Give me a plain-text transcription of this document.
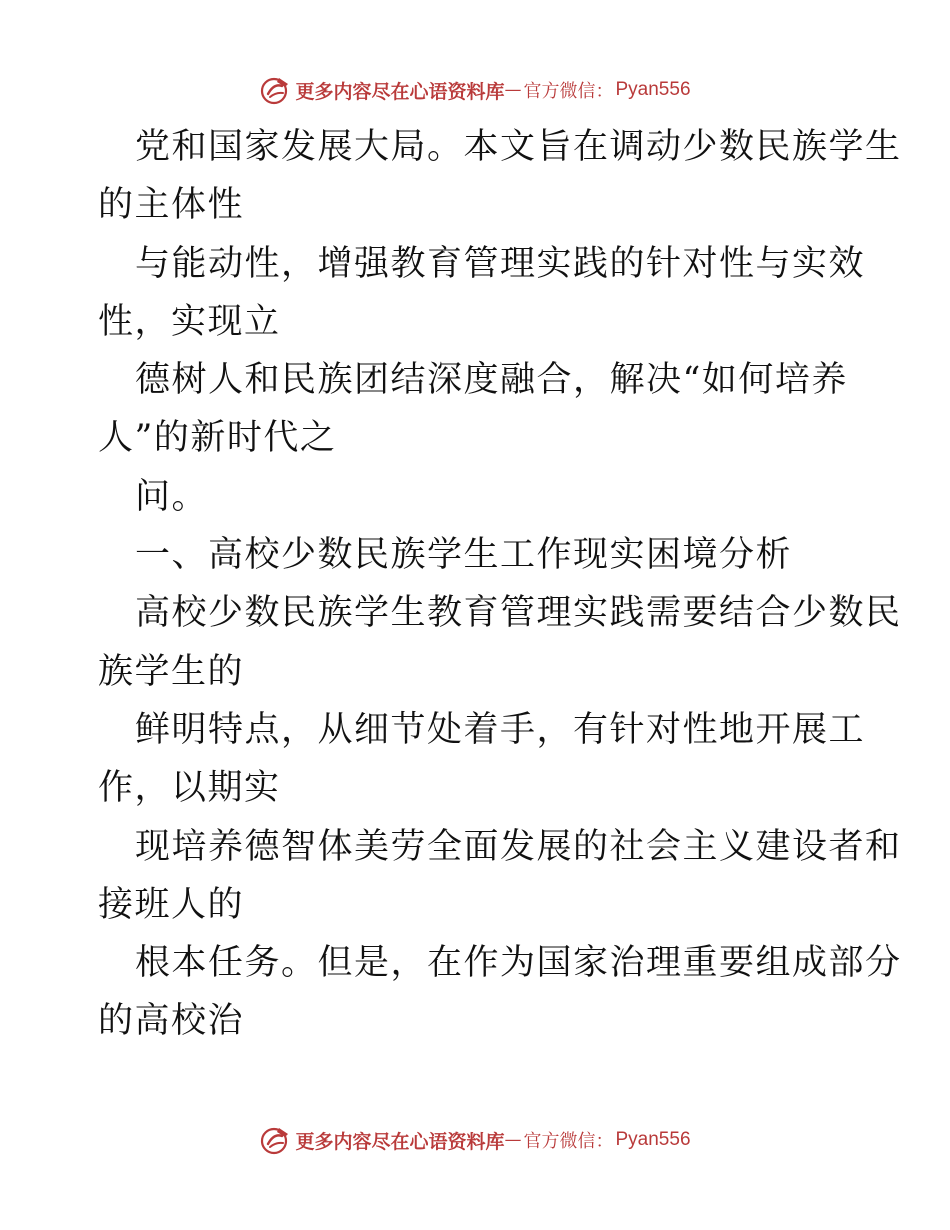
更多内容尽在心语资料库 — 官方微信： Pyan556
党和国家发展大局。本文旨在调动少数民族学生
的主体性
与能动性，增强教育管理实践的针对性与实效
性，实现立
德树人和民族团结深度融合，解决“如何培养
人”的新时代之
问。
一、高校少数民族学生工作现实困境分析
高校少数民族学生教育管理实践需要结合少数民
族学生的
鲜明特点，从细节处着手，有针对性地开展工
作，以期实
现培养德智体美劳全面发展的社会主义建设者和
接班人的
根本任务。但是，在作为国家治理重要组成部分
的高校治
更多内容尽在心语资料库 — 官方微信： Pyan556
